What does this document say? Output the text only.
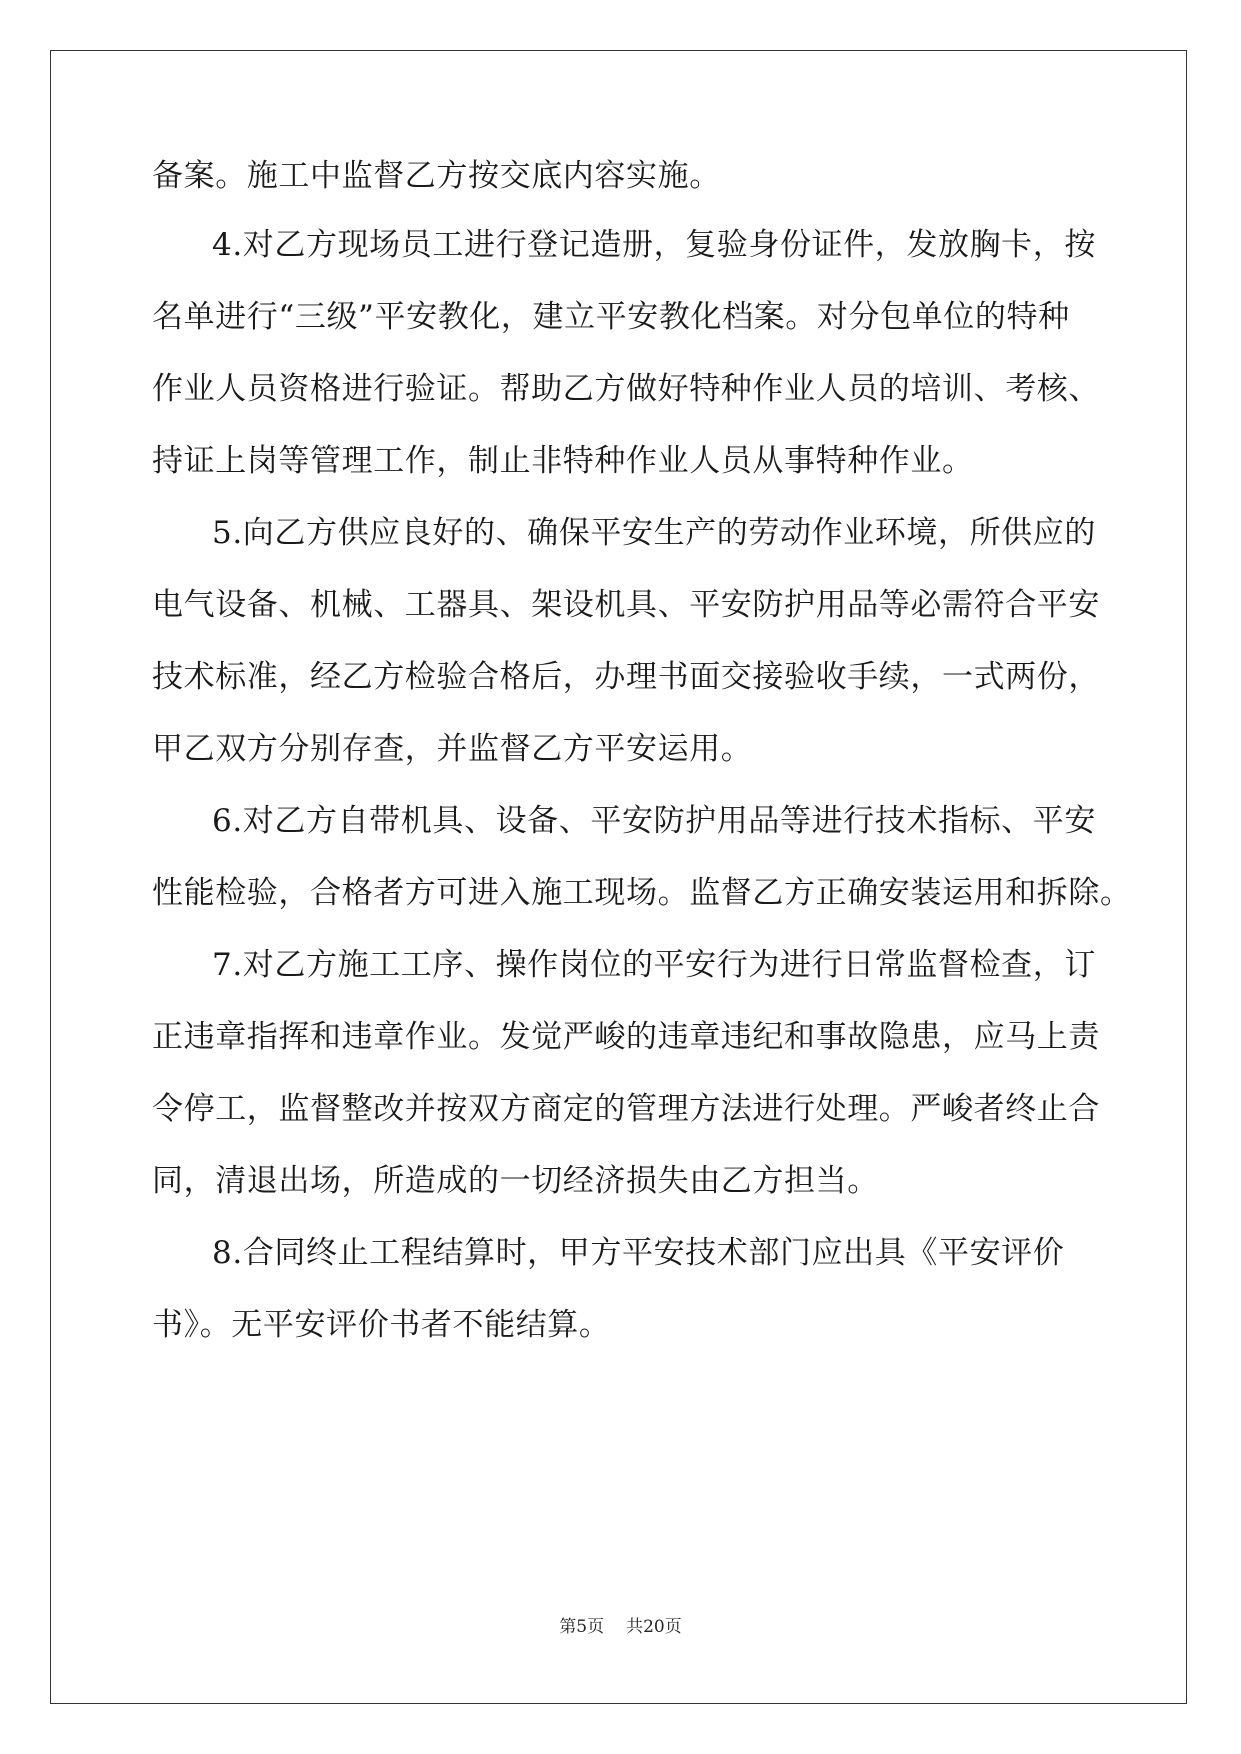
备案。施工中监督乙方按交底内容实施。
4.对乙方现场员工进行登记造册，复验身份证件，发放胸卡，按
名单进行“三级”平安教化，建立平安教化档案。对分包单位的特种
作业人员资格进行验证。帮助乙方做好特种作业人员的培训、考核、
持证上岗等管理工作，制止非特种作业人员从事特种作业。
5.向乙方供应良好的、确保平安生产的劳动作业环境，所供应的
电气设备、机械、工器具、架设机具、平安防护用品等必需符合平安
技术标准，经乙方检验合格后，办理书面交接验收手续，一式两份，
甲乙双方分别存查，并监督乙方平安运用。
6.对乙方自带机具、设备、平安防护用品等进行技术指标、平安
性能检验，合格者方可进入施工现场。监督乙方正确安装运用和拆除。
7.对乙方施工工序、操作岗位的平安行为进行日常监督检查，订
正违章指挥和违章作业。发觉严峻的违章违纪和事故隐患，应马上责
令停工，监督整改并按双方商定的管理方法进行处理。严峻者终止合
同，清退出场，所造成的一切经济损失由乙方担当。
8.合同终止工程结算时，甲方平安技术部门应出具《平安评价
书》。无平安评价书者不能结算。
第5页 共20页
